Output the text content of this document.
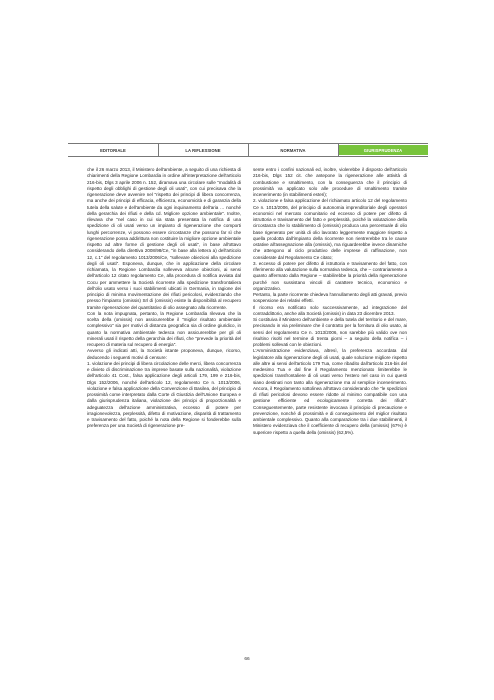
EDITORIALE	LA RIFLESSIONE	NORMATIVA	GIURISPRUDENZA

che il 26 marzo 2013, il Ministero dell'ambiente, a seguito di una richiesta di chiarimenti della Regione Lombardia in ordine all'interpretazione dell'articolo 216-bis, Dlgs 3 aprile 2006 n. 152, diramava una circolare sulle "modalità di rispetto degli obblighi di gestione degli oli usati", con cui precisava che la rigenerazione deve avvenire nel "rispetto dei principi di libera concorrenza, ma anche dei principi di efficacia, efficienza, economicità e di garanzia della tutela della salute e dell'ambiente da ogni inquinamento dell'aria … nonché della gerarchia dei rifiuti e della cd. Migliore opzione ambientale". Inoltre, rilevava che "nel caso in cui sia stata presentata la notifica di una spedizione di oli usati verso un impianto di rigenerazione che comporti lunghi percorrenze, vi possono essere circostanze che possono far sì che rigenerazione possa addirittura non costituire la migliore opzione ambientale rispetto ad altre forme di gestione degli oli usati", in base all'ottavo considerando della direttiva 2008/98/Ce, "in base alla lettera a) dell'articolo 12, c.1" del regolamento 1013/2006/Ce, "sollevare obiezioni alla spedizione degli oli usati". Esponeva, dunque, che in applicazione della circolare richiamata, la Regione Lombardia solleveva alcune obiezioni, ai sensi dell'articolo 12 citato regolamento Ce, alla procedura di notifica avviata dal Cocu per ammettere la Società ricorrente alla spedizione transfrontaliera dell'olio usato verso i suoi stabilimenti ubicati in Germania, in ragione dei principio di minima movimentazione dei rifiuti pericolosi, evidenziando che presso l'impianto (omissis) Srl di (omissis) esiste la disponibilità al recupero tramite rigenerazione del quantitativo di olio assegnato alla ricorrente.

Con la nota impugnata, pertanto, la Regione Lombardia rilevava che la scelta della (omissis) non assicurerebbe il "miglior risultato ambientale complessivo" sia per motivi di distanza geografica sia di ordine giuridico, in quanto la normativa ambientale tedesca non assicurerebbe per gli oli minerali usati il rispetto della gerarchia dei rifiuti, che "prevede la priorità del recupero di materia sul recupero di energia".

Avverso gli indicati atti, la Società istante proponeva, dunque, ricorso, deducendo i seguenti motivi di censure:

1. violazione dei principi di libera circolazione delle merci, libera concorrenza e divieto di discriminazione tra imprese basate sulla nazionalità, violazione dell'articolo 41 Cost., falsa applicazione degli articoli 179, 199 e 216-bis, Dlgs 152/2006, nonché dell'articolo 12, regolamento Ce n. 1013/2006, violazione e falsa applicazione della Convenzione di Basilea, del principio di prossimità come interpretato dalla Corte di Giustizia dell'Unione Europea e dalla giurisprudenza italiana, violazione dei principi di proporzionalità e adeguatezza dell'azione amministrativa, eccesso di potere per irragionevolezza, perplessità, difetto di motivazione, disparità di trattamento e travisamento del fatto, poiché la nota della Regione si fonderebbe sulla preferenza per una Società di rigenerazione pre-

sente entro i confini nazionali ed, inoltre, violerebbe il disposto dell'articolo 216-bis, Dlgs 152 cit. che antepone la rigenerazione alle attività di combustione e smaltimento, con la conseguenza che il principio di prossimità va applicato solo alle procedure di smaltimento tramite incenerimento (in stabilimenti esteri);

2. violazione e falsa applicazione del richiamato articolo 12 del regolamento Ce n. 1013/2006, del principio di autonomia imprenditoriale degli operatori economici nel mercato comunitario ed eccesso di potere per difetto di istruttoria e travisamento del fatto e perplessità, poiché la valutazione della circostanza che lo stabilimento di (omissis) produca una percentuale di olio base rigenerato per unità di olio lavorato leggermente maggiore rispetto a quella prodotta dall'impianto della ricorrente non rientrerebbe tra le cause ostative all'assegnazione alla (omissis), ma riguarderebbe invece dinamiche che attengono al ciclo produttivo delle imprese di raffinazione, non considerate dal Regolamento Ce citato;

3. eccesso di potere per difetto di istruttoria e travisamento del fatto, con riferimento alla valutazione sulla normativa tedesca, che – contrariamente a quanto affermato dalla Regione – stabilirebbe la priorità della rigenerazione purché non sussistano vincoli di carattere tecnico, economico e organizzativo.

Pertanto, la parte ricorrente chiedeva l'annullamento degli atti gravati, previo sospensione dei relativi effetti.

Il ricorso era notificato solo successivamente, ad integrazione del contraddittorio, anche alla Società (omissis) in data 23 dicembre 2013.

Si costituiva il Ministero dell'ambiente e della tutela del territorio e del mare, precisando in via preliminare che il contratto per la fornitura di olio usato, ai sensi del regolamento Ce n. 1013/2006, non sarebbe più valido ove non risultino risolti nel termine di trenta giorni – a seguito della notifica – i problemi sollevati con le obiezioni.

L'Amministrazione evidenziava, altresì, la preferenza accordata dal legislatore alla rigenerazione degli oli usati, quale soluzione migliore rispetto alle altre ai sensi dell'articolo 179 Tua, come ribadito dall'articolo 216-bis del medesimo Tua e dal fine il Regolamento menzionato limiterebbe le spedizioni transfrontaliere di oli usati verso l'estero nel caso in cui questi siano destinati non tanto alla rigenerazione ma al semplice incenerimento. Ancora, il Regolamento sottolinea all'ottavo considerando che "le spedizioni di rifiuti pericolosi devono essere ridotte al minimo compatibile con una gestione efficiente ed ecologicamente corretta dei rifiuti". Conseguentemente, parte resistente invocava il principio di precauzione e prevenzione, nonché di prossimità e di conseguimento del miglior risultato ambientale complessivo. Quanto alla comparazione tra i due stabilimenti, il Ministero evidenziava che il coefficiente di recupero della (omissis) (67%) è superiore rispetto a quella della (omissis) (62,5%).

66
